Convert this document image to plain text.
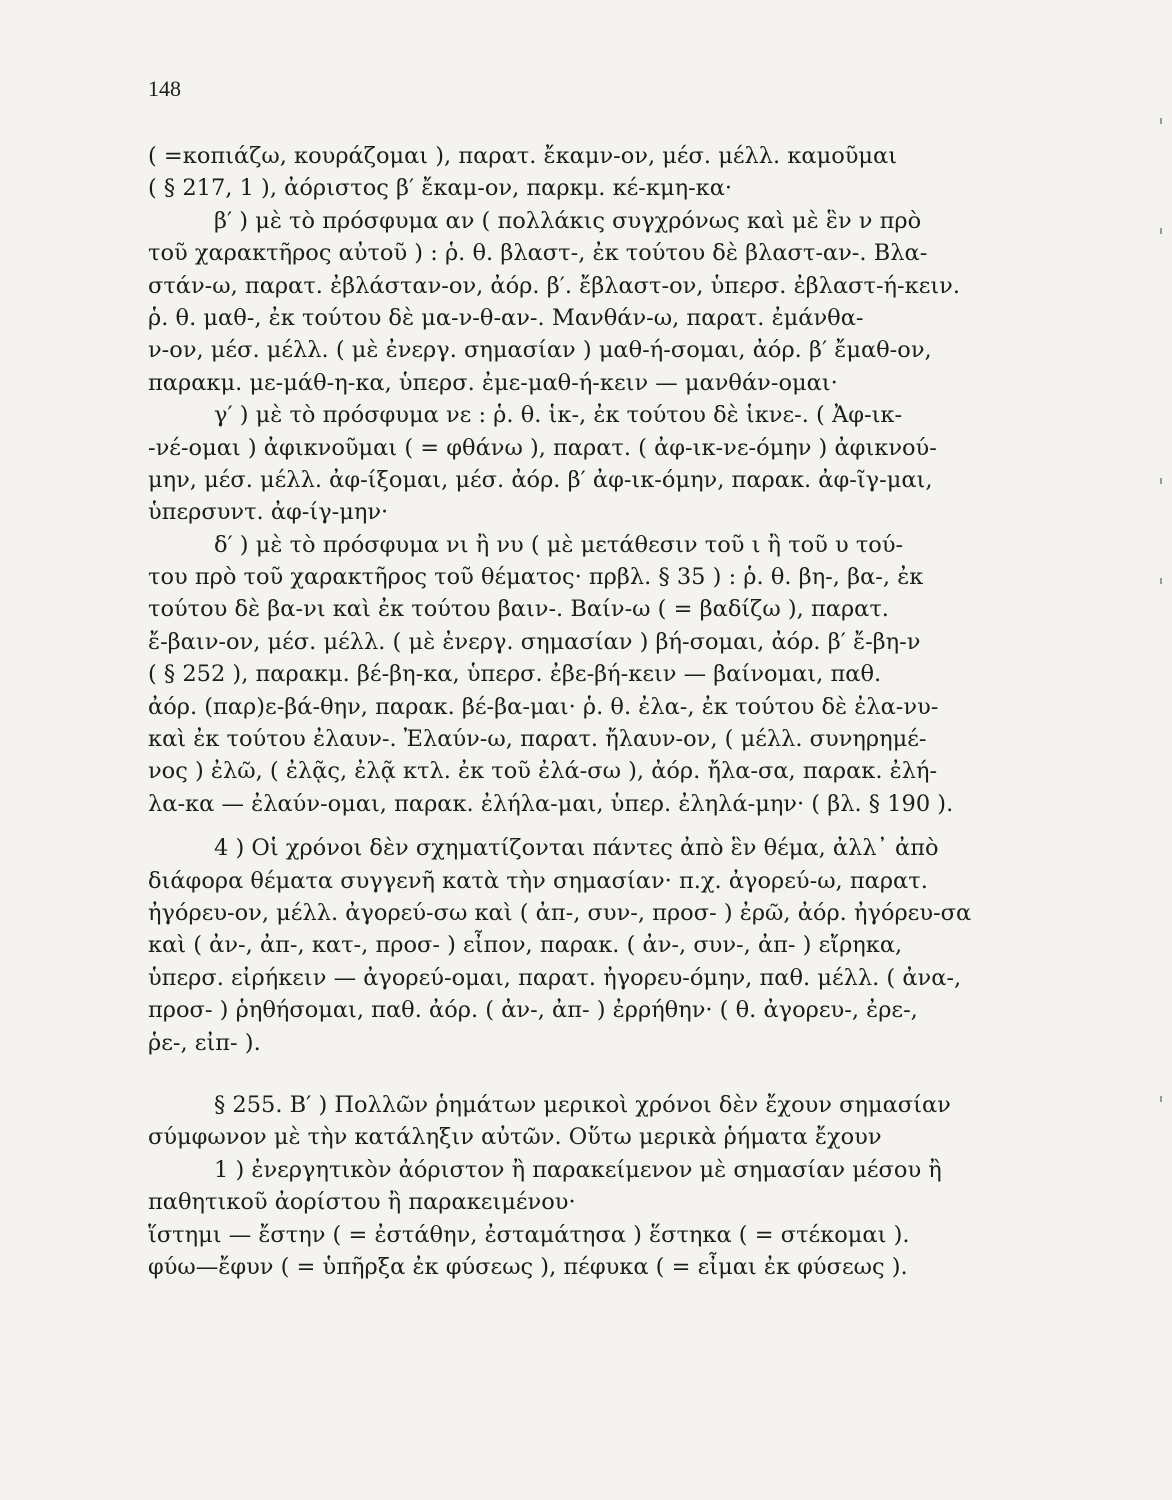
148
( =κοπιάζω, κουράζομαι ), παρατ. ἔκαμν-ον, μέσ. μέλλ. καμοῦμαι
( § 217, 1 ), ἀόριστος β′ ἔκαμ-ον, παρκμ. κέ-κμη-κα·
β′ ) μὲ τὸ πρόσφυμα αν ( πολλάκις συγχρόνως καὶ μὲ ἓν ν πρὸ
τοῦ χαρακτῆρος αὐτοῦ ) : ῥ. θ. βλαστ-, ἐκ τούτου δὲ βλαστ-αν-. Βλα-
στάν-ω, παρατ. ἐβλάσταν-ον, ἀόρ. β′. ἔβλαστ-ον, ὑπερσ. ἐβλαστ-ή-κειν.
ῥ. θ. μαθ-, ἐκ τούτου δὲ μα-ν-θ-αν-. Μανθάν-ω, παρατ. ἐμάνθα-
ν-ον, μέσ. μέλλ. ( μὲ ἐνεργ. σημασίαν ) μαθ-ή-σομαι, ἀόρ. β′ ἔμαθ-ον,
παρακμ. με-μάθ-η-κα, ὑπερσ. ἐμε-μαθ-ή-κειν — μανθάν-ομαι·
γ′ ) μὲ τὸ πρόσφυμα νε : ῥ. θ. ἱκ-, ἐκ τούτου δὲ ἱκνε-. ( Ἀφ-ικ-
-νέ-ομαι ) ἀφικνοῦμαι ( = φθάνω ), παρατ. ( ἀφ-ικ-νε-όμην ) ἀφικνού-
μην, μέσ. μέλλ. ἀφ-ίξομαι, μέσ. ἀόρ. β′ ἀφ-ικ-όμην, παρακ. ἀφ-ῖγ-μαι,
ὑπερσυντ. ἀφ-ίγ-μην·
δ′ ) μὲ τὸ πρόσφυμα νι ἢ νυ ( μὲ μετάθεσιν τοῦ ι ἢ τοῦ υ τού-
του πρὸ τοῦ χαρακτῆρος τοῦ θέματος· πρβλ. § 35 ) : ῥ. θ. βη-, βα-, ἐκ
τούτου δὲ βα-νι καὶ ἐκ τούτου βαιν-. Βαίν-ω ( = βαδίζω ), παρατ.
ἔ-βαιν-ον, μέσ. μέλλ. ( μὲ ἐνεργ. σημασίαν ) βή-σομαι, ἀόρ. β′ ἔ-βη-ν
( § 252 ), παρακμ. βέ-βη-κα, ὑπερσ. ἐβε-βή-κειν — βαίνομαι, παθ.
ἀόρ. (παρ)ε-βά-θην, παρακ. βέ-βα-μαι· ῥ. θ. ἐλα-, ἐκ τούτου δὲ ἐλα-νυ-
καὶ ἐκ τούτου ἐλαυν-. Ἐλαύν-ω, παρατ. ἤλαυν-ον, ( μέλλ. συνηρημέ-
νος ) ἐλῶ, ( ἐλᾷς, ἐλᾷ κτλ. ἐκ τοῦ ἐλά-σω ), ἀόρ. ἤλα-σα, παρακ. ἐλή-
λα-κα — ἐλαύν-ομαι, παρακ. ἐλήλα-μαι, ὑπερ. ἐληλά-μην· ( βλ. § 190 ).
4 ) Οἱ χρόνοι δὲν σχηματίζονται πάντες ἀπὸ ἓν θέμα, ἀλλ᾽ ἀπὸ
διάφορα θέματα συγγενῆ κατὰ τὴν σημασίαν· π.χ. ἀγορεύ-ω, παρατ.
ἠγόρευ-ον, μέλλ. ἀγορεύ-σω καὶ ( ἀπ-, συν-, προσ- ) ἐρῶ, ἀόρ. ἠγόρευ-σα
καὶ ( ἀν-, ἀπ-, κατ-, προσ- ) εἶπον, παρακ. ( ἀν-, συν-, ἀπ- ) εἴρηκα,
ὑπερσ. εἰρήκειν — ἀγορεύ-ομαι, παρατ. ἠγορευ-όμην, παθ. μέλλ. ( ἀνα-,
προσ- ) ῥηθήσομαι, παθ. ἀόρ. ( ἀν-, ἀπ- ) ἐρρήθην· ( θ. ἀγορευ-, ἐρε-,
ῥε-, εἰπ- ).
§ 255. Β′ ) Πολλῶν ῥημάτων μερικοὶ χρόνοι δὲν ἔχουν σημασίαν
σύμφωνον μὲ τὴν κατάληξιν αὐτῶν. Οὕτω μερικὰ ῥήματα ἔχουν
1 ) ἐνεργητικὸν ἀόριστον ἢ παρακείμενον μὲ σημασίαν μέσου ἢ
παθητικοῦ ἀορίστου ἢ παρακειμένου·
ἵστημι — ἔστην ( = ἐστάθην, ἐσταμάτησα ) ἕστηκα ( = στέκομαι ).
φύω—ἔφυν ( = ὑπῆρξα ἐκ φύσεως ), πέφυκα ( = εἶμαι ἐκ φύσεως ).
